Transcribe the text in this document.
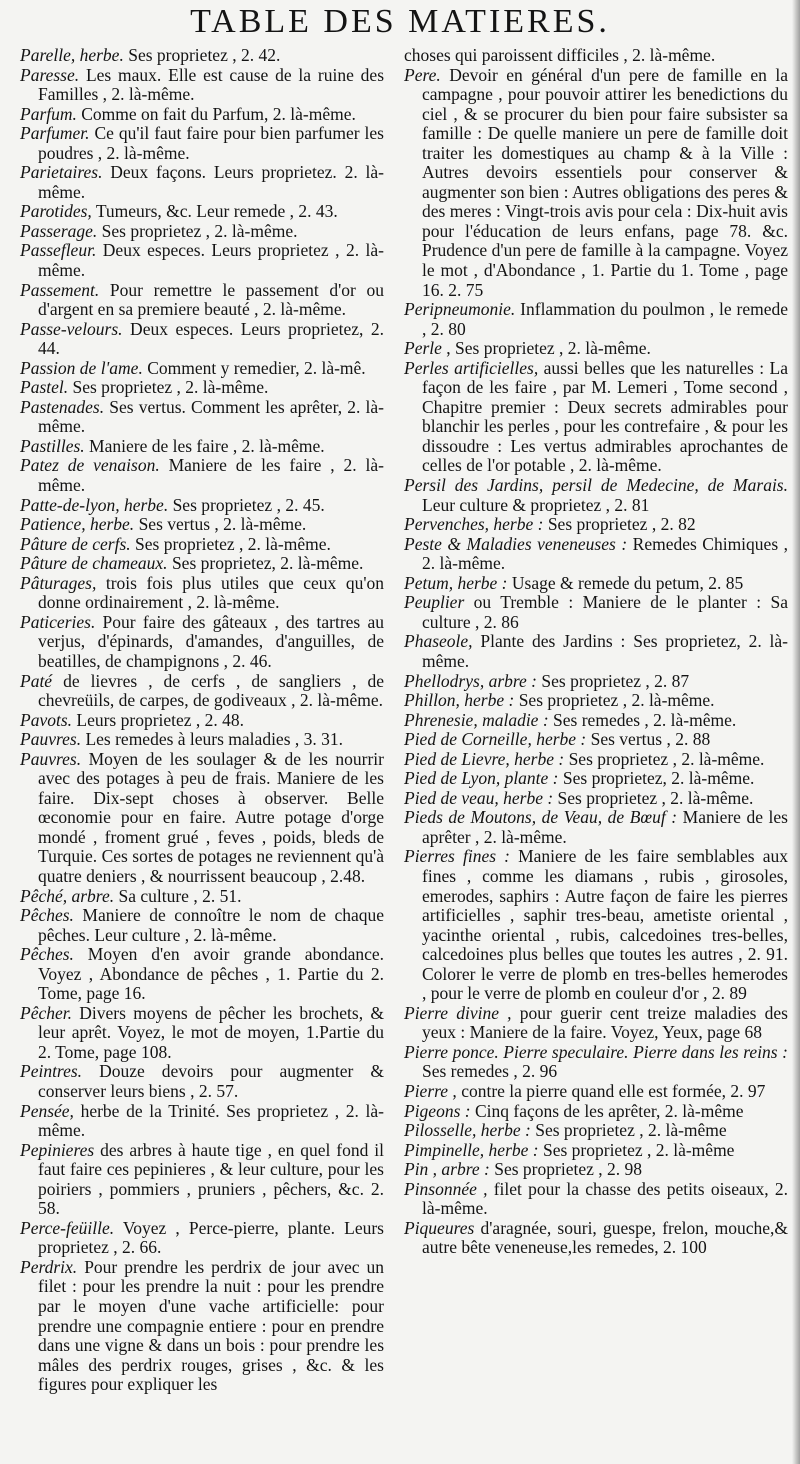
TABLE DES MATIERES.

Parelle, herbe. Ses proprietez , 2. 42.

Paresse. Les maux. Elle est cause de la ruine des Familles , 2. là-même.

Parfum. Comme on fait du Parfum, 2. là-même.

Parfumer. Ce qu'il faut faire pour bien parfumer les poudres , 2. là-même.

Parietaires. Deux façons. Leurs proprietez. 2. là-même.

Parotides, Tumeurs, &c. Leur remede , 2. 43.

Passerage. Ses proprietez , 2. là-même.

Passefleur. Deux especes. Leurs proprietez , 2. là-même.

Passement. Pour remettre le passement d'or ou d'argent en sa premiere beauté , 2. là-même.

Passe-velours. Deux especes. Leurs proprietez, 2. 44.

Passion de l'ame. Comment y remedier, 2. là-mê.

Pastel. Ses proprietez , 2. là-même.

Pastenades. Ses vertus. Comment les aprêter, 2. là-même.

Pastilles. Maniere de les faire , 2. là-même.

Patez de venaison. Maniere de les faire , 2. là-même.

Patte-de-lyon, herbe. Ses proprietez , 2. 45.

Patience, herbe. Ses vertus , 2. là-même.

Pâture de cerfs. Ses proprietez , 2. là-même.

Pâture de chameaux. Ses proprietez, 2. là-même.

Pâturages, trois fois plus utiles que ceux qu'on donne ordinairement , 2. là-même.

Paticeries. Pour faire des gâteaux , des tartres au verjus, d'épinards, d'amandes, d'anguilles, de beatilles, de champignons , 2. 46.

Paté de lievres , de cerfs , de sangliers , de chevreüils, de carpes, de godiveaux , 2. là-même.

Pavots. Leurs proprietez , 2. 48.

Pauvres. Les remedes à leurs maladies , 3. 31.

Pauvres. Moyen de les soulager & de les nourrir avec des potages à peu de frais. Maniere de les faire. Dix-sept choses à observer. Belle œconomie pour en faire. Autre potage d'orge mondé , froment grué , feves , poids, bleds de Turquie. Ces sortes de potages ne reviennent qu'à quatre deniers , & nourrissent beaucoup , 2.48.

Pêché, arbre. Sa culture , 2. 51.

Pêches. Maniere de connoître le nom de chaque pêches. Leur culture , 2. là-même.

Pêches. Moyen d'en avoir grande abondance. Voyez , Abondance de pêches , 1. Partie du 2. Tome, page 16.

Pêcher. Divers moyens de pêcher les brochets, & leur aprêt. Voyez, le mot de moyen, 1.Partie du 2. Tome, page 108.

Peintres. Douze devoirs pour augmenter & conserver leurs biens , 2. 57.

Pensée, herbe de la Trinité. Ses proprietez , 2. là-même.

Pepinieres des arbres à haute tige , en quel fond il faut faire ces pepinieres , & leur culture, pour les poiriers , pommiers , pruniers , pêchers, &c. 2. 58.

Perce-feüille. Voyez , Perce-pierre, plante. Leurs proprietez , 2. 66.

Perdrix. Pour prendre les perdrix de jour avec un filet : pour les prendre la nuit : pour les prendre par le moyen d'une vache artificielle: pour prendre une compagnie entiere : pour en prendre dans une vigne & dans un bois : pour prendre les mâles des perdrix rouges, grises , &c. & les figures pour expliquer les

choses qui paroissent difficiles , 2. là-même.

Pere. Devoir en général d'un pere de famille en la campagne , pour pouvoir attirer les benedictions du ciel , & se procurer du bien pour faire subsister sa famille : De quelle maniere un pere de famille doit traiter les domestiques au champ & à la Ville : Autres devoirs essentiels pour conserver & augmenter son bien : Autres obligations des peres & des meres : Vingt-trois avis pour cela : Dix-huit avis pour l'éducation de leurs enfans, page 78. &c. Prudence d'un pere de famille à la campagne. Voyez le mot , d'Abondance , 1. Partie du 1. Tome , page 16. 2. 75

Peripneumonie. Inflammation du poulmon , le remede , 2. 80

Perle , Ses proprietez , 2. là-même.

Perles artificielles, aussi belles que les naturelles : La façon de les faire , par M. Lemeri , Tome second , Chapitre premier : Deux secrets admirables pour blanchir les perles , pour les contrefaire , & pour les dissoudre : Les vertus admirables aprochantes de celles de l'or potable , 2. là-même.

Persil des Jardins, persil de Medecine, de Marais. Leur culture & proprietez , 2. 81

Pervenches, herbe : Ses proprietez , 2. 82

Peste & Maladies veneneuses : Remedes Chimiques , 2. là-même.

Petum, herbe : Usage & remede du petum, 2. 85

Peuplier ou Tremble : Maniere de le planter : Sa culture , 2. 86

Phaseole, Plante des Jardins : Ses proprietez, 2. là-même.

Phellodrys, arbre : Ses proprietez , 2. 87

Phillon, herbe : Ses proprietez , 2. là-même.

Phrenesie, maladie : Ses remedes , 2. là-même.

Pied de Corneille, herbe : Ses vertus , 2. 88

Pied de Lievre, herbe : Ses proprietez , 2. là-même.

Pied de Lyon, plante : Ses proprietez, 2. là-même.

Pied de veau, herbe : Ses proprietez , 2. là-même.

Pieds de Moutons, de Veau, de Bœuf : Maniere de les aprêter , 2. là-même.

Pierres fines : Maniere de les faire semblables aux fines , comme les diamans , rubis , girosoles, emerodes, saphirs : Autre façon de faire les pierres artificielles , saphir tres-beau, ametiste oriental , yacinthe oriental , rubis, calcedoines tres-belles, calcedoines plus belles que toutes les autres , 2. 91. Colorer le verre de plomb en tres-belles hemerodes , pour le verre de plomb en couleur d'or , 2. 89

Pierre divine , pour guerir cent treize maladies des yeux : Maniere de la faire. Voyez, Yeux, page 68

Pierre ponce. Pierre speculaire. Pierre dans les reins : Ses remedes , 2. 96

Pierre , contre la pierre quand elle est formée, 2. 97

Pigeons : Cinq façons de les aprêter, 2. là-même

Pilosselle, herbe : Ses proprietez , 2. là-même

Pimpinelle, herbe : Ses proprietez , 2. là-même

Pin , arbre : Ses proprietez , 2. 98

Pinsonnée , filet pour la chasse des petits oiseaux, 2. là-même.

Piqueures d'aragnée, souri, guespe, frelon, mouche,& autre bête veneneuse,les remedes, 2. 100
